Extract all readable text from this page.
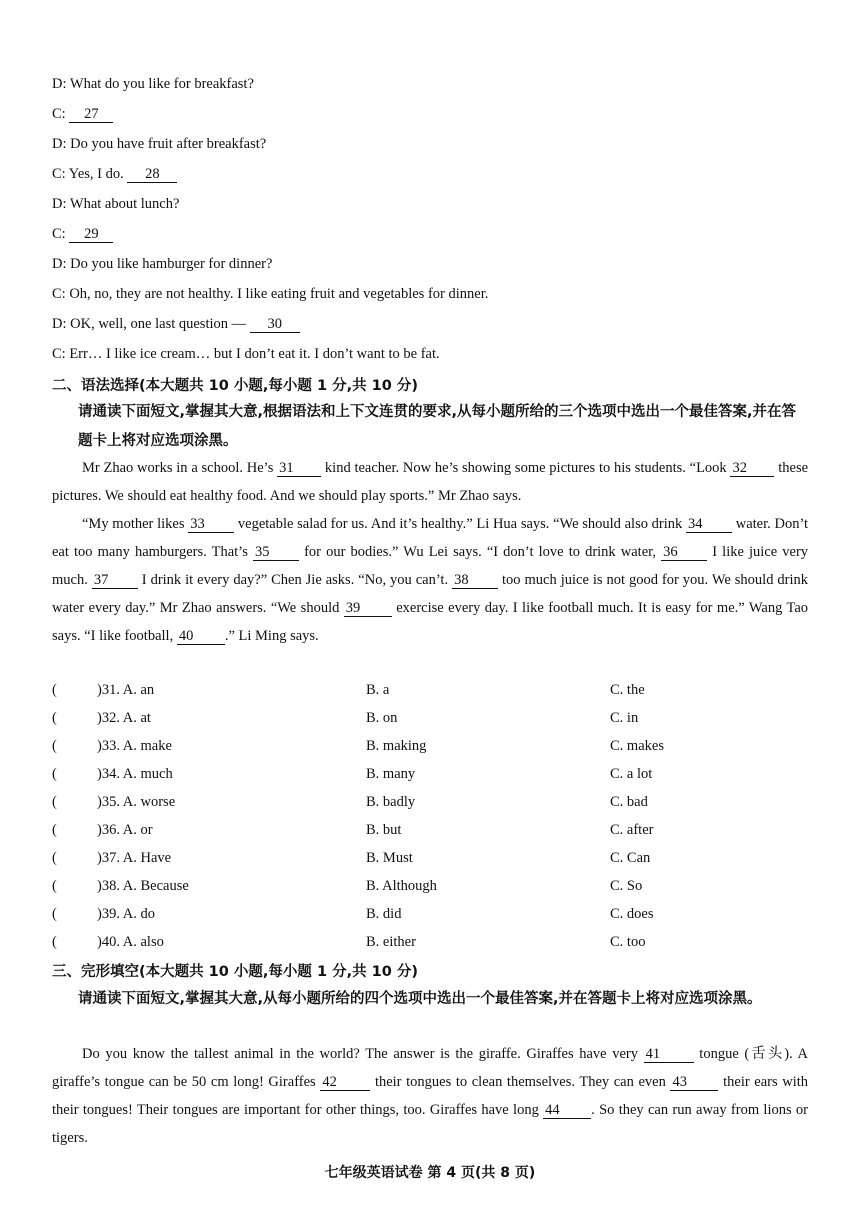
D: What do you like for breakfast?
C: 27
D: Do you have fruit after breakfast?
C: Yes, I do. 28
D: What about lunch?
C: 29
D: Do you like hamburger for dinner?
C: Oh, no, they are not healthy. I like eating fruit and vegetables for dinner.
D: OK, well, one last question — 30
C: Err… I like ice cream… but I don’t eat it. I don’t want to be fat.
二、语法选择(本大题共 10 小题,每小题 1 分,共 10 分)
请通读下面短文,掌握其大意,根据语法和上下文连贯的要求,从每小题所给的三个选项中选出一个最佳答案,并在答题卡上将对应选项涂黑。
Mr Zhao works in a school. He’s 31 kind teacher. Now he’s showing some pictures to his students. “Look 32 these pictures. We should eat healthy food. And we should play sports.” Mr Zhao says.
“My mother likes 33 vegetable salad for us. And it’s healthy.” Li Hua says. “We should also drink 34 water. Don’t eat too many hamburgers. That’s 35 for our bodies.” Wu Lei says. “I don’t love to drink water, 36 I like juice very much. 37 I drink it every day?” Chen Jie asks. “No, you can’t. 38 too much juice is not good for you. We should drink water every day.” Mr Zhao answers. “We should 39 exercise every day. I like football much. It is easy for me.” Wang Tao says. “I like football, 40 .” Li Ming says.
(	)31. A. an	B. a	C. the
(	)32. A. at	B. on	C. in
(	)33. A. make	B. making	C. makes
(	)34. A. much	B. many	C. a lot
(	)35. A. worse	B. badly	C. bad
(	)36. A. or	B. but	C. after
(	)37. A. Have	B. Must	C. Can
(	)38. A. Because	B. Although	C. So
(	)39. A. do	B. did	C. does
(	)40. A. also	B. either	C. too
三、完形填空(本大题共 10 小题,每小题 1 分,共 10 分)
请通读下面短文,掌握其大意,从每小题所给的四个选项中选出一个最佳答案,并在答题卡上将对应选项涂黑。
Do you know the tallest animal in the world? The answer is the giraffe. Giraffes have very 41	tongue (舌头). A giraffe’s tongue can be 50 cm long! Giraffes 42	their tongues to clean themselves. They can even 43 their ears with their tongues! Their tongues are important for other things, too. Giraffes have long 44 . So they can run away from lions or tigers.
七年级英语试卷 第 4 页(共 8 页)
